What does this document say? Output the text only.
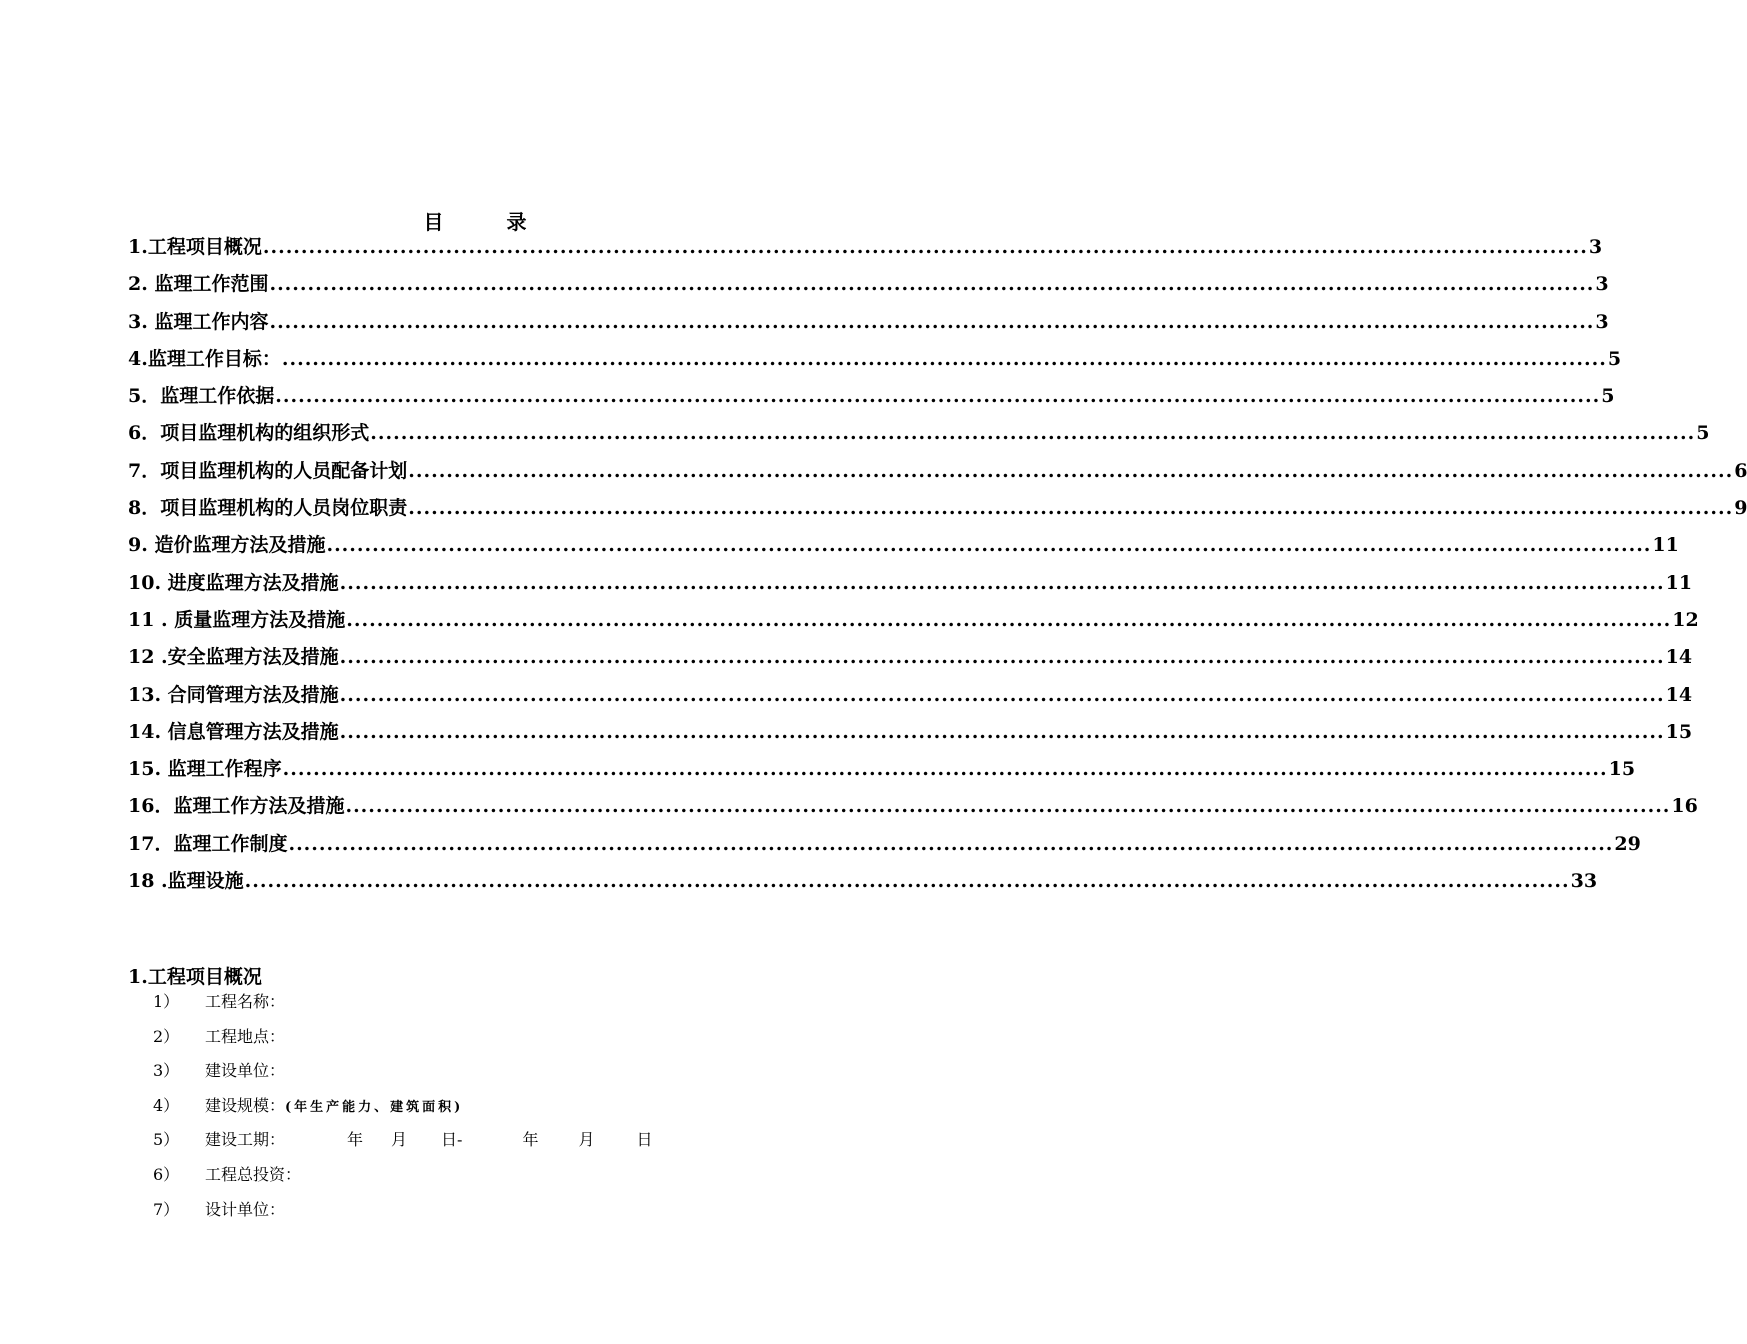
目 录
1.工程项目概况 .............................................................................................................................................................................. 3
2. 监理工作范围 .............................................................................................................................................................................. 3
3. 监理工作内容 .............................................................................................................................................................................. 3
4.监理工作目标： .............................................................................................................................................................................. 5
5．监理工作依据 .............................................................................................................................................................................. 5
6．项目监理机构的组织形式 .............................................................................................................................................................................. 5
7．项目监理机构的人员配备计划 .............................................................................................................................................................................. 6
8．项目监理机构的人员岗位职责 .............................................................................................................................................................................. 9
9. 造价监理方法及措施 .............................................................................................................................................................................. 11
10. 进度监理方法及措施 .............................................................................................................................................................................. 11
11 . 质量监理方法及措施 .............................................................................................................................................................................. 12
12 .安全监理方法及措施 .............................................................................................................................................................................. 14
13. 合同管理方法及措施 .............................................................................................................................................................................. 14
14. 信息管理方法及措施 .............................................................................................................................................................................. 15
15. 监理工作程序 .............................................................................................................................................................................. 15
16．监理工作方法及措施 .............................................................................................................................................................................. 16
17．监理工作制度 .............................................................................................................................................................................. 29
18 .监理设施 .............................................................................................................................................................................. 33
1.工程项目概况
1） 工程名称：
2） 工程地点：
3） 建设单位：
4） 建设规模：(年生产能力、建筑面积)
5） 建设工期：	年 月 日-	年	月	日
6） 工程总投资：
7） 设计单位：
